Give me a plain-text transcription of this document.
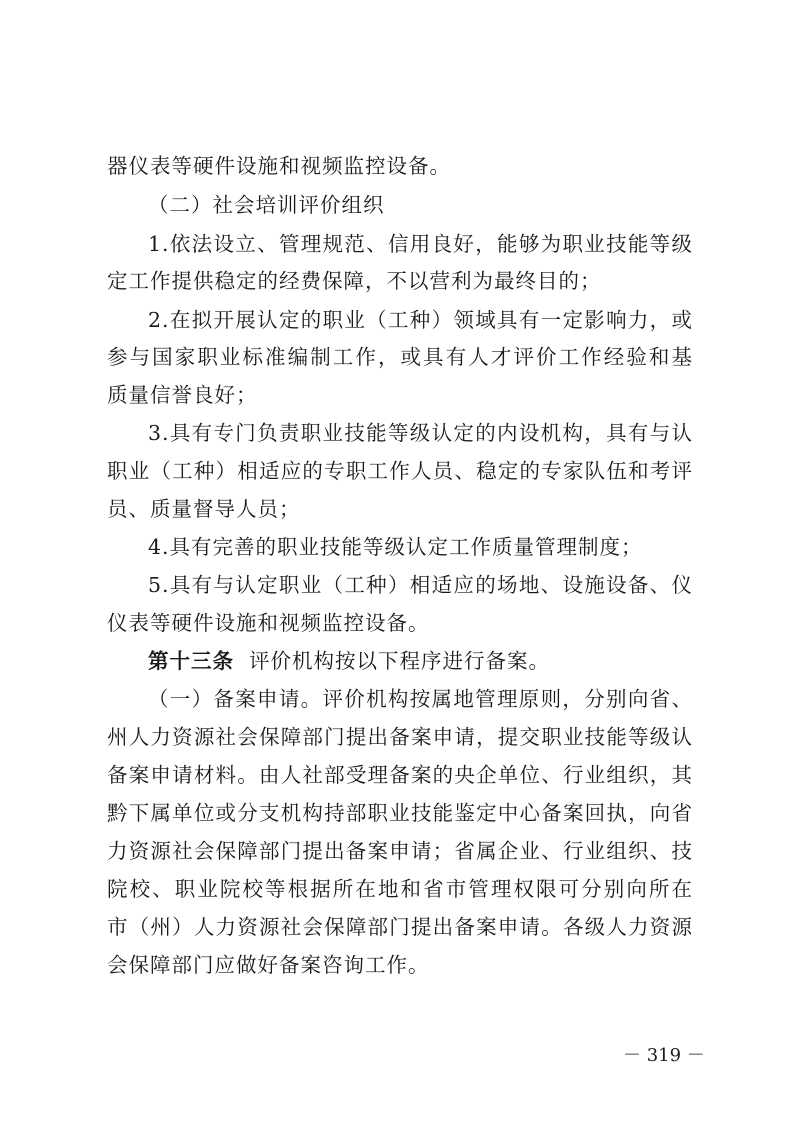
器仪表等硬件设施和视频监控设备。

（二）社会培训评价组织

1.依法设立、管理规范、信用良好，能够为职业技能等级

定工作提供稳定的经费保障，不以营利为最终目的；

2.在拟开展认定的职业（工种）领域具有一定影响力，或

参与国家职业标准编制工作，或具有人才评价工作经验和基

质量信誉良好；

3.具有专门负责职业技能等级认定的内设机构，具有与认

职业（工种）相适应的专职工作人员、稳定的专家队伍和考评

员、质量督导人员；

4.具有完善的职业技能等级认定工作质量管理制度；

5.具有与认定职业（工种）相适应的场地、设施设备、仪

仪表等硬件设施和视频监控设备。

第十三条 评价机构按以下程序进行备案。

（一）备案申请。评价机构按属地管理原则，分别向省、

州人力资源社会保障部门提出备案申请，提交职业技能等级认

备案申请材料。由人社部受理备案的央企单位、行业组织，其

黔下属单位或分支机构持部职业技能鉴定中心备案回执，向省

力资源社会保障部门提出备案申请；省属企业、行业组织、技

院校、职业院校等根据所在地和省市管理权限可分别向所在

市（州）人力资源社会保障部门提出备案申请。各级人力资源

会保障部门应做好备案咨询工作。

－ 319 －
